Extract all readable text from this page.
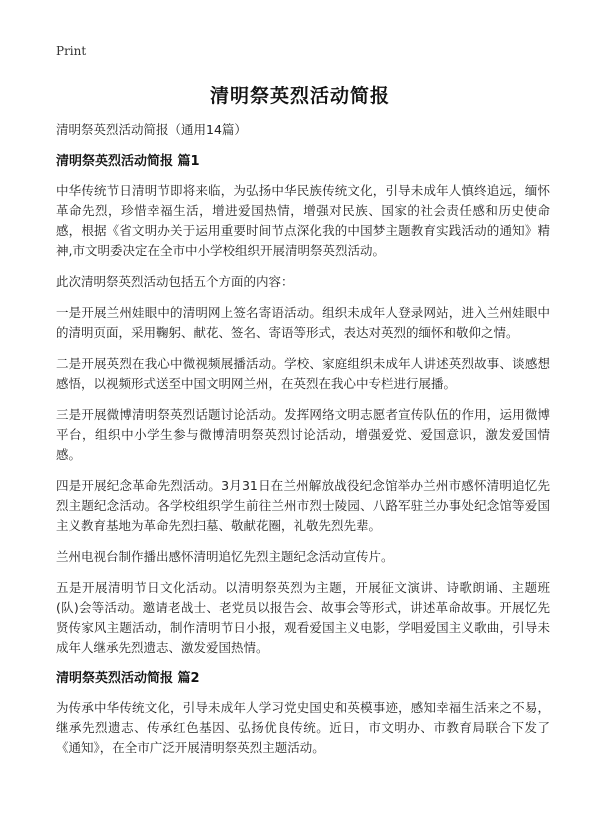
Print
清明祭英烈活动简报
清明祭英烈活动简报（通用14篇）
清明祭英烈活动简报 篇1

中华传统节日清明节即将来临，为弘扬中华民族传统文化，引导未成年人慎终追远，缅怀革命先烈，珍惜幸福生活，增进爱国热情，增强对民族、国家的社会责任感和历史使命感，根据《省文明办关于运用重要时间节点深化我的中国梦主题教育实践活动的通知》精神,市文明委决定在全市中小学校组织开展清明祭英烈活动。

此次清明祭英烈活动包括五个方面的内容：

一是开展兰州娃眼中的清明网上签名寄语活动。组织未成年人登录网站，进入兰州娃眼中的清明页面，采用鞠躬、献花、签名、寄语等形式，表达对英烈的缅怀和敬仰之情。

二是开展英烈在我心中微视频展播活动。学校、家庭组织未成年人讲述英烈故事、谈感想感悟，以视频形式送至中国文明网兰州，在英烈在我心中专栏进行展播。

三是开展微博清明祭英烈话题讨论活动。发挥网络文明志愿者宣传队伍的作用，运用微博平台，组织中小学生参与微博清明祭英烈讨论活动，增强爱党、爱国意识，激发爱国情感。

四是开展纪念革命先烈活动。3月31日在兰州解放战役纪念馆举办兰州市感怀清明追忆先烈主题纪念活动。各学校组织学生前往兰州市烈士陵园、八路军驻兰办事处纪念馆等爱国主义教育基地为革命先烈扫墓、敬献花圈，礼敬先烈先辈。

兰州电视台制作播出感怀清明追忆先烈主题纪念活动宣传片。

五是开展清明节日文化活动。以清明祭英烈为主题，开展征文演讲、诗歌朗诵、主题班(队)会等活动。邀请老战士、老党员以报告会、故事会等形式，讲述革命故事。开展忆先贤传家风主题活动，制作清明节日小报，观看爱国主义电影，学唱爱国主义歌曲，引导未成年人继承先烈遗志、激发爱国热情。

清明祭英烈活动简报 篇2

为传承中华传统文化，引导未成年人学习党史国史和英模事迹，感知幸福生活来之不易，继承先烈遗志、传承红色基因、弘扬优良传统。近日，市文明办、市教育局联合下发了《通知》，在全市广泛开展清明祭英烈主题活动。
